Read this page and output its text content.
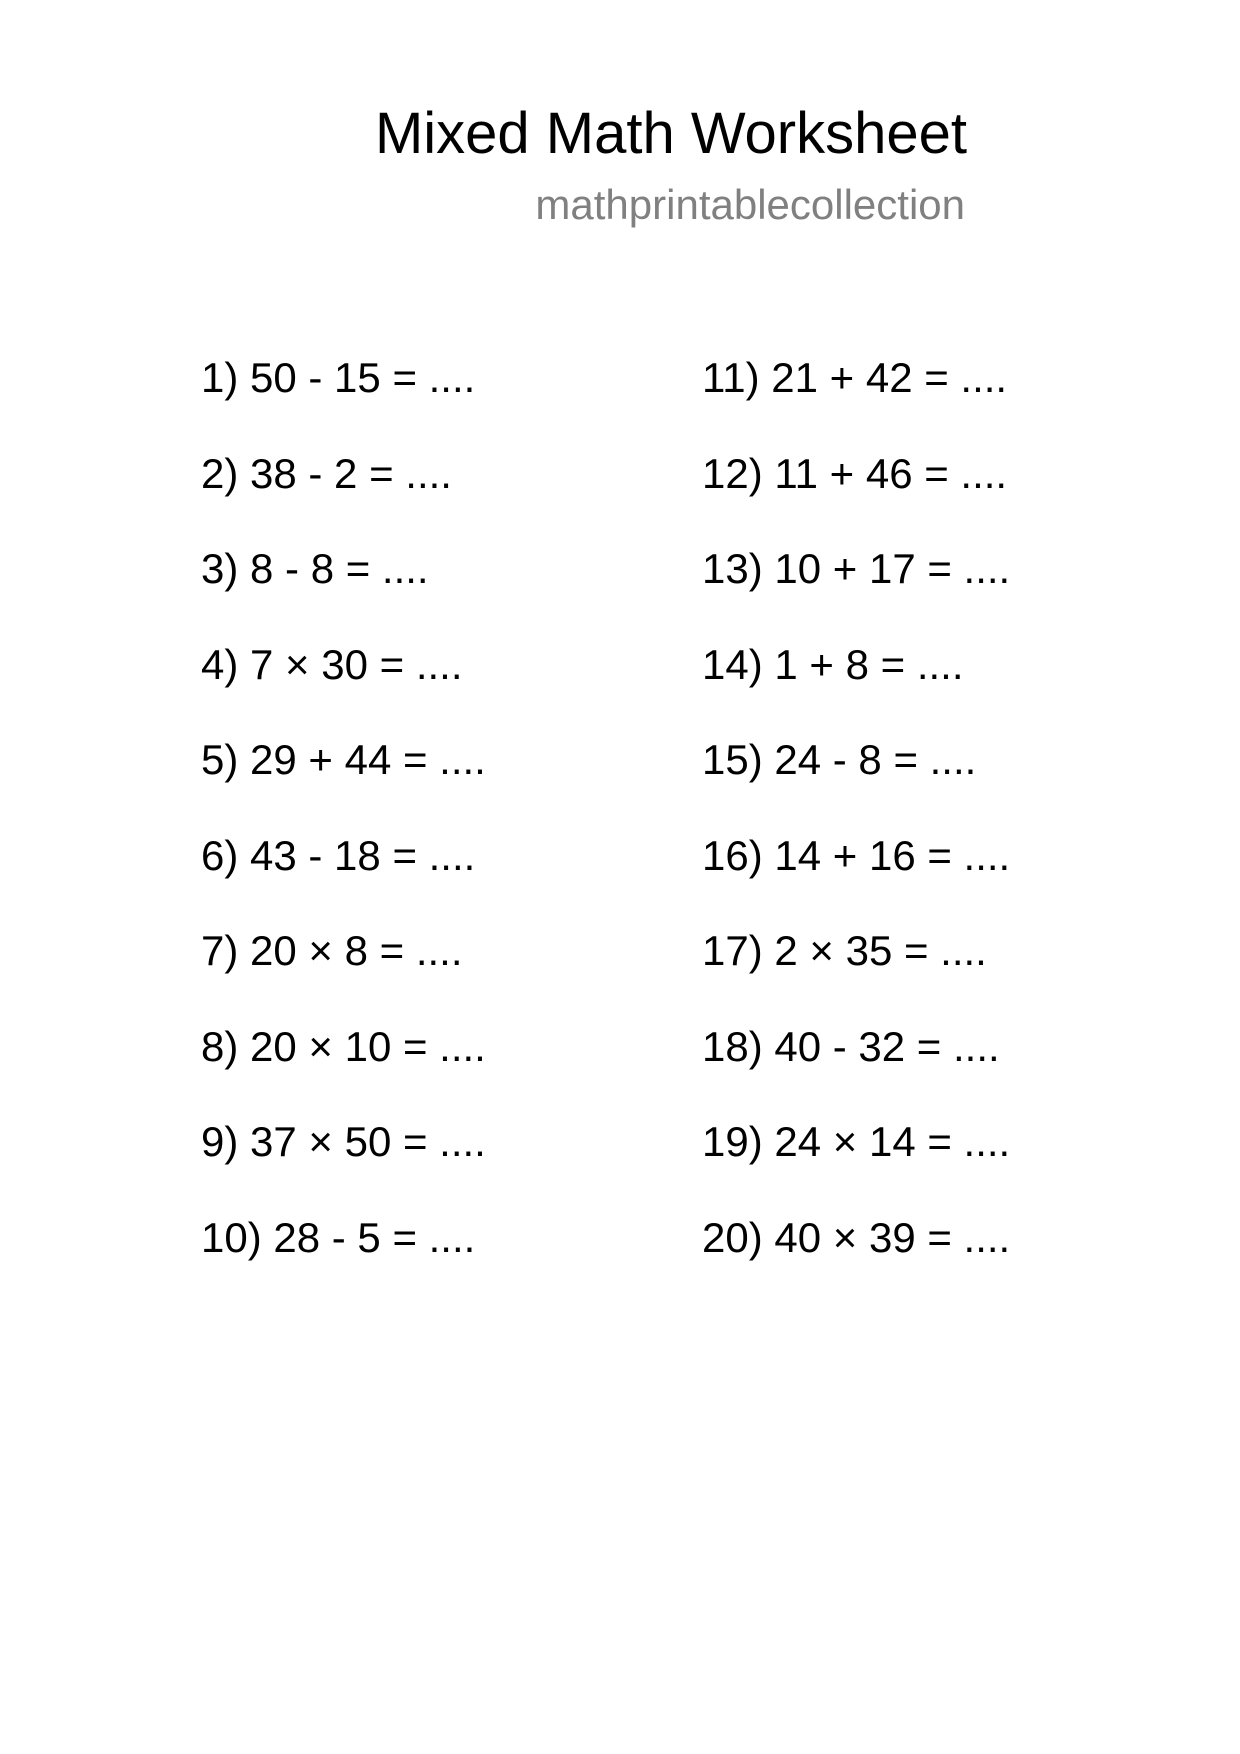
Mixed Math Worksheet
mathprintablecollection
1) 50 - 15 = ....
2) 38 - 2 = ....
3) 8 - 8 = ....
4) 7 × 30 = ....
5) 29 + 44 = ....
6) 43 - 18 = ....
7) 20 × 8 = ....
8) 20 × 10 = ....
9) 37 × 50 = ....
10) 28 - 5 = ....
11) 21 + 42 = ....
12) 11 + 46 = ....
13) 10 + 17 = ....
14) 1 + 8 = ....
15) 24 - 8 = ....
16) 14 + 16 = ....
17) 2 × 35 = ....
18) 40 - 32 = ....
19) 24 × 14 = ....
20) 40 × 39 = ....
